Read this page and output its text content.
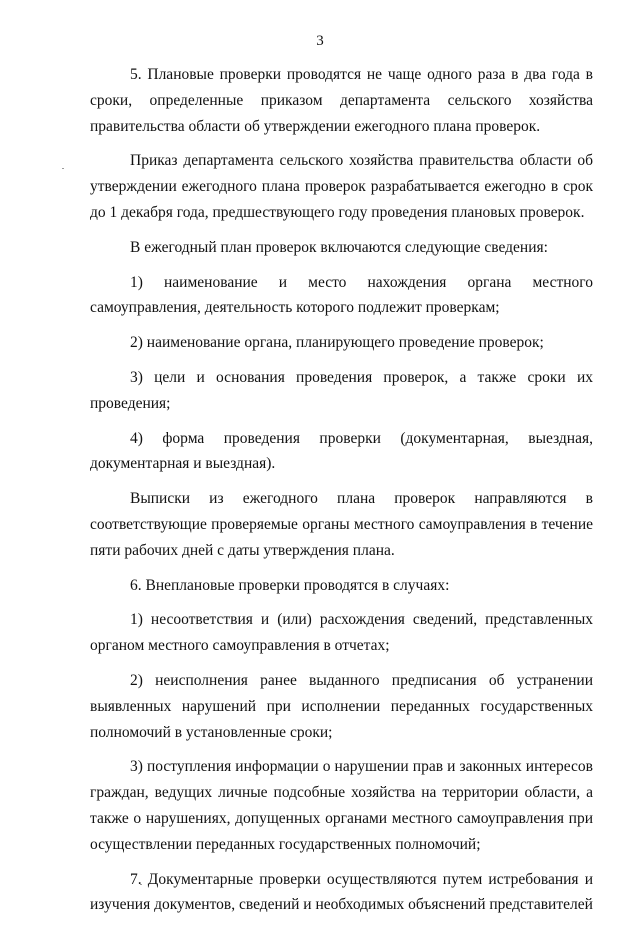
3

5. Плановые проверки проводятся не чаще одного раза в два года в сроки, определенные приказом департамента сельского хозяйства правительства области об утверждении ежегодного плана проверок.

Приказ департамента сельского хозяйства правительства области об утверждении ежегодного плана проверок разрабатывается ежегодно в срок до 1 декабря года, предшествующего году проведения плановых проверок.

В ежегодный план проверок включаются следующие сведения:

1) наименование и место нахождения органа местного самоуправления, деятельность которого подлежит проверкам;

2) наименование органа, планирующего проведение проверок;

3) цели и основания проведения проверок, а также сроки их проведения;

4) форма проведения проверки (документарная, выездная, документарная и выездная).

Выписки из ежегодного плана проверок направляются в соответствующие проверяемые органы местного самоуправления в течение пяти рабочих дней с даты утверждения плана.

6. Внеплановые проверки проводятся в случаях:

1) несоответствия и (или) расхождения сведений, представленных органом местного самоуправления в отчетах;

2) неисполнения ранее выданного предписания об устранении выявленных нарушений при исполнении переданных государственных полномочий в установленные сроки;

3) поступления информации о нарушении прав и законных интересов граждан, ведущих личные подсобные хозяйства на территории области, а также о нарушениях, допущенных органами местного самоуправления при осуществлении переданных государственных полномочий;

7. Документарные проверки осуществляются путем истребования и изучения документов, сведений и необходимых объяснений представителей
